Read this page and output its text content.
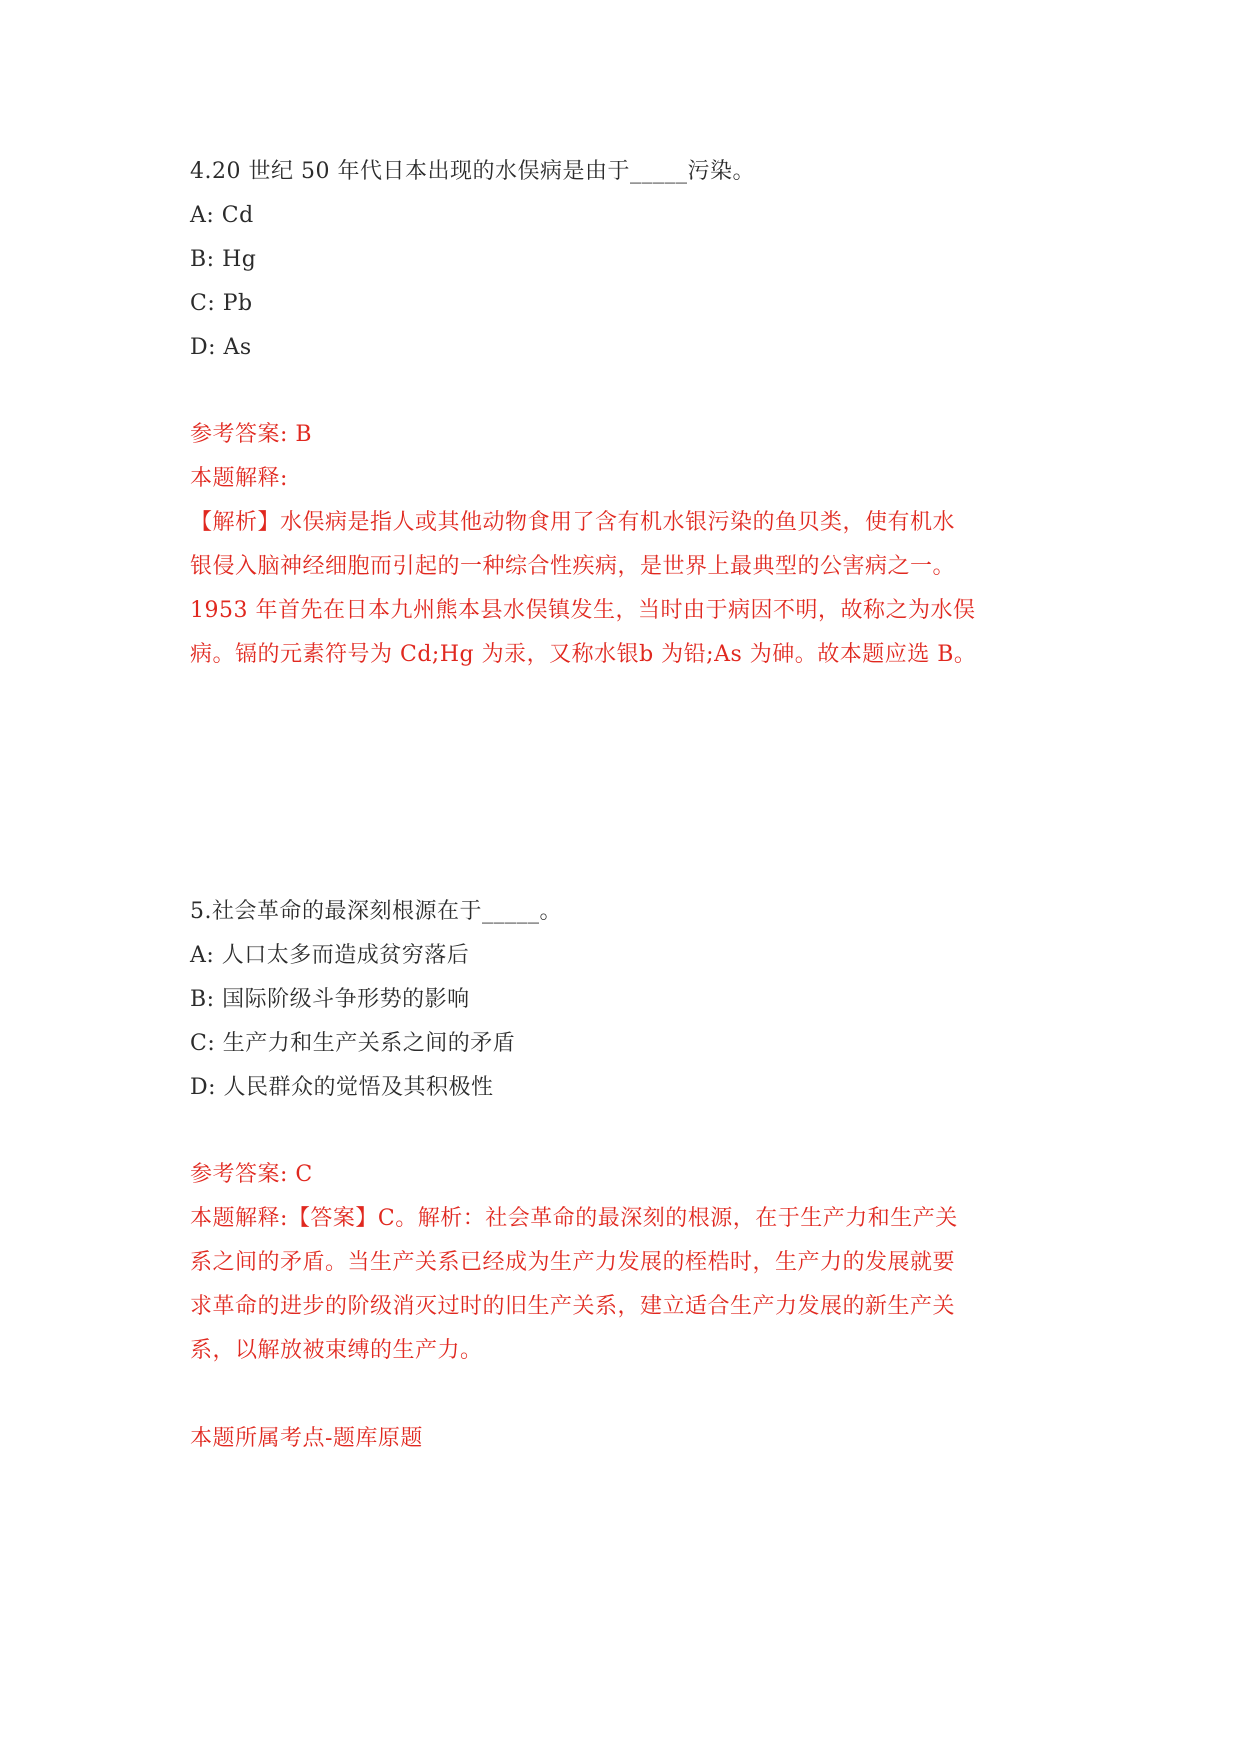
4.20 世纪 50 年代日本出现的水俣病是由于_____污染。
A: Cd
B: Hg
C: Pb
D: As
参考答案: B
本题解释:
【解析】水俣病是指人或其他动物食用了含有机水银污染的鱼贝类，使有机水
银侵入脑神经细胞而引起的一种综合性疾病，是世界上最典型的公害病之一。
1953 年首先在日本九州熊本县水俣镇发生，当时由于病因不明，故称之为水俣
病。镉的元素符号为 Cd;Hg 为汞，又称水银b 为铅;As 为砷。故本题应选 B。
5.社会革命的最深刻根源在于_____。
A: 人口太多而造成贫穷落后
B: 国际阶级斗争形势的影响
C: 生产力和生产关系之间的矛盾
D: 人民群众的觉悟及其积极性
参考答案: C
本题解释:【答案】C。解析：社会革命的最深刻的根源，在于生产力和生产关
系之间的矛盾。当生产关系已经成为生产力发展的桎梏时，生产力的发展就要
求革命的进步的阶级消灭过时的旧生产关系，建立适合生产力发展的新生产关
系，以解放被束缚的生产力。
本题所属考点-题库原题
